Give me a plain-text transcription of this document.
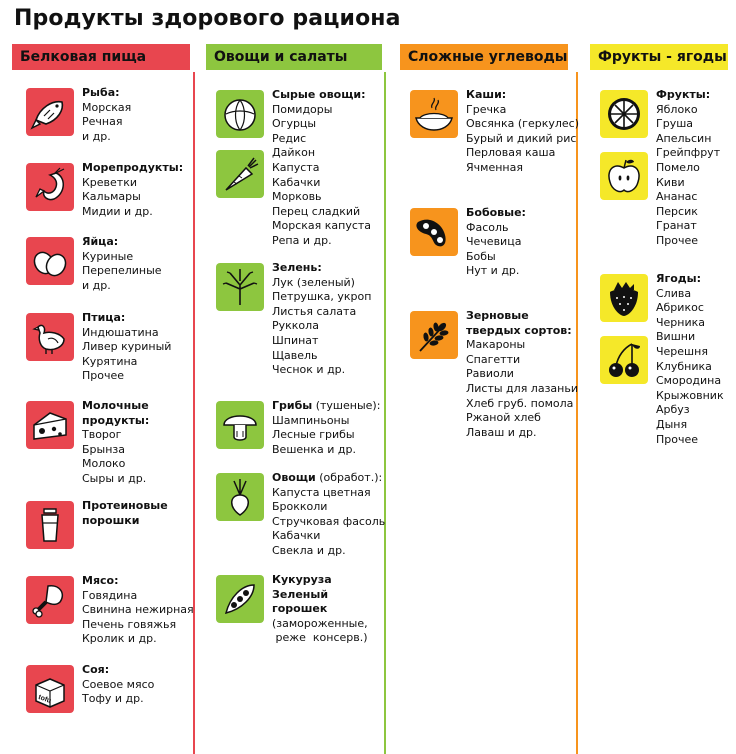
Продукты здорового рациона
Белковая пища	Овощи и салаты	Сложные углеводы	Фрукты - ягоды
Рыба:
Морская
Речная
и др.
Морепродукты:
Креветки
Кальмары
Мидии и др.
Яйца:
Куриные
Перепелиные
и др.
Птица:
Индюшатина
Ливер куриный
Курятина
Прочее
Молочные
продукты:
Творог
Брынза
Молоко
Сыры и др.
Протеиновые
порошки
Мясо:
Говядина
Свинина нежирная
Печень говяжья
Кролик и др.
tofu
Соя:
Соевое мясо
Тофу и др.
Сырые овощи:
Помидоры
Огурцы
Редис
Дайкон
Капуста
Кабачки
Морковь
Перец сладкий
Морская капуста
Репа и др.
Зелень:
Лук (зеленый)
Петрушка, укроп
Листья салата
Руккола
Шпинат
Щавель
Чеснок и др.
Грибы (тушеные):
Шампиньоны
Лесные грибы
Вешенка и др.
Овощи (обработ.):
Капуста цветная
Брокколи
Стручковая фасоль
Кабачки
Свекла и др.
Кукуруза
Зеленый горошек
(замороженные,
реже  консерв.)
Каши:
Гречка
Овсянка (геркулес)
Бурый и дикий рис
Перловая каша
Ячменная
Бобовые:
Фасоль
Чечевица
Бобы
Нут и др.
Зерновые
твердых сортов:
Макароны
Спагетти
Равиоли
Листы для лазаньи
Хлеб груб. помола
Ржаной хлеб
Лаваш и др.
Фрукты:
Яблоко
Груша
Апельсин
Грейпфрут
Помело
Киви
Ананас
Персик
Гранат
Прочее
Ягоды:
Слива
Абрикос
Черника
Вишни
Черешня
Клубника
Смородина
Крыжовник
Арбуз
Дыня
Прочее
